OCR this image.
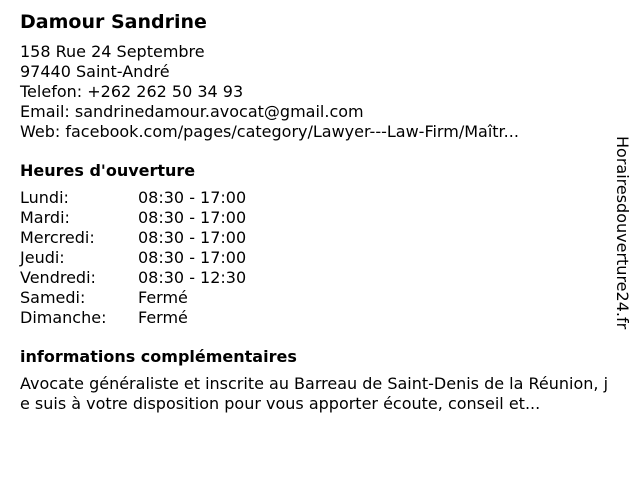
Damour Sandrine
158 Rue 24 Septembre
97440 Saint-André
Telefon: +262 262 50 34 93
Email: sandrinedamour.avocat@gmail.com
Web: facebook.com/pages/category/Lawyer---Law-Firm/Maîtr...
Heures d'ouverture
Lundi:	08:30 - 17:00
Mardi:	08:30 - 17:00
Mercredi:	08:30 - 17:00
Jeudi:	08:30 - 17:00
Vendredi:	08:30 - 12:30
Samedi:	Fermé
Dimanche:	Fermé
informations complémentaires
Avocate généraliste et inscrite au Barreau de Saint-Denis de la Réunion, je suis à votre disposition pour vous apporter écoute, conseil et...
Horairesdouverture24.fr
